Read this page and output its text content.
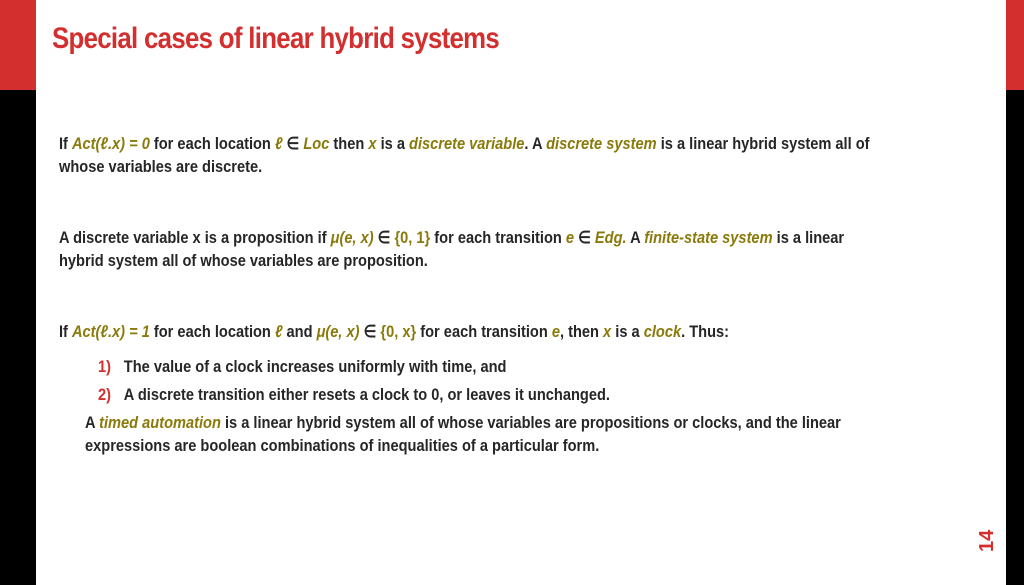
Special cases of linear hybrid systems

If Act(ℓ.x) = 0 for each location ℓ ∈ Loc then x is a discrete variable. A discrete system is a linear hybrid system all of whose variables are discrete.

A discrete variable x is a proposition if μ(e, x) ∈ {0, 1} for each transition e ∈ Edg. A finite-state system is a linear hybrid system all of whose variables are proposition.

If Act(ℓ.x) = 1 for each location ℓ and μ(e, x) ∈ {0, x} for each transition e, then x is a clock. Thus:

1) The value of a clock increases uniformly with time, and

2) A discrete transition either resets a clock to 0, or leaves it unchanged.

A timed automation is a linear hybrid system all of whose variables are propositions or clocks, and the linear expressions are boolean combinations of inequalities of a particular form.

14
